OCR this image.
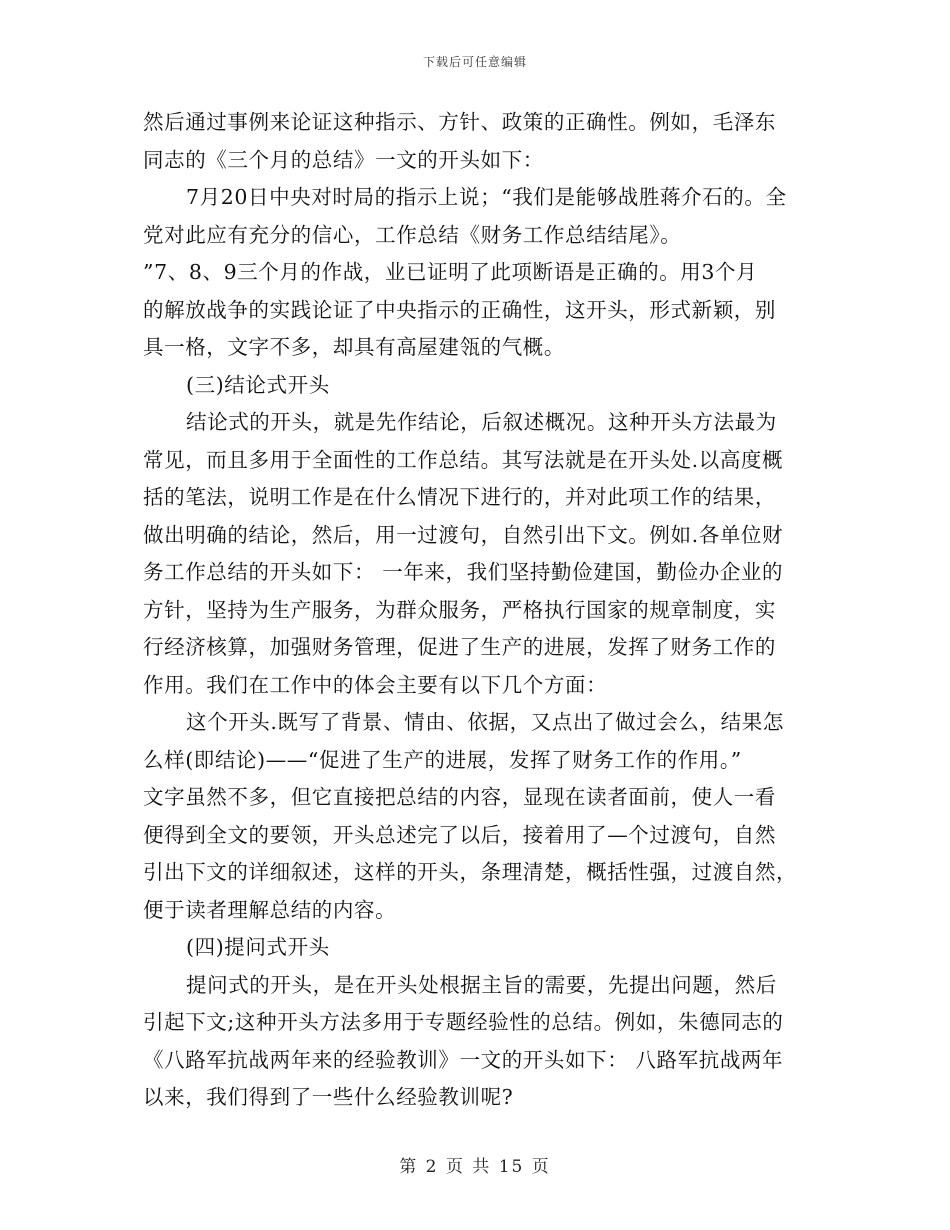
下载后可任意编辑
然后通过事例来论证这种指示、方针、政策的正确性。例如，毛泽东
同志的《三个月的总结》一文的开头如下：
7月20日中央对时局的指示上说；“我们是能够战胜蒋介石的。全
党对此应有充分的信心，工作总结《财务工作总结结尾》。
”7、8、9三个月的作战，业已证明了此项断语是正确的。用3个月
的解放战争的实践论证了中央指示的正确性，这开头，形式新颖，别
具一格，文字不多，却具有高屋建瓴的气概。
(三)结论式开头
结论式的开头，就是先作结论，后叙述概况。这种开头方法最为
常见，而且多用于全面性的工作总结。其写法就是在开头处.以高度概
括的笔法，说明工作是在什么情况下进行的，并对此项工作的结果，
做出明确的结论，然后，用一过渡句，自然引出下文。例如.各单位财
务工作总结的开头如下： 一年来，我们坚持勤俭建国，勤俭办企业的
方针，坚持为生产服务，为群众服务，严格执行国家的规章制度，实
行经济核算，加强财务管理，促进了生产的进展，发挥了财务工作的
作用。我们在工作中的体会主要有以下几个方面：
这个开头.既写了背景、情由、依据，又点出了做过会么，结果怎
么样(即结论)——“促进了生产的进展，发挥了财务工作的作用。”
文字虽然不多，但它直接把总结的内容，显现在读者面前，使人一看
便得到全文的要领，开头总述完了以后，接着用了—个过渡句，自然
引出下文的详细叙述，这样的开头，条理清楚，概括性强，过渡自然，
便于读者理解总结的内容。
(四)提问式开头
提问式的开头，是在开头处根据主旨的需要，先提出问题，然后
引起下文;这种开头方法多用于专题经验性的总结。例如，朱德同志的
《八路军抗战两年来的经验教训》一文的开头如下： 八路军抗战两年
以来，我们得到了一些什么经验教训呢?
第 2 页 共 15 页
